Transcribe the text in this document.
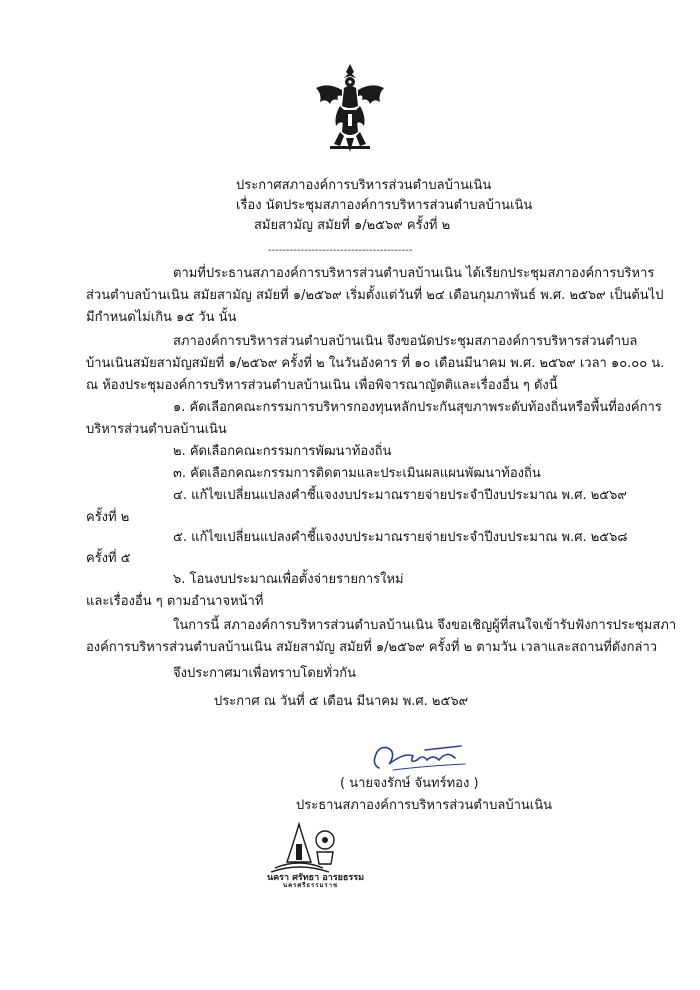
ประกาศสภาองค์การบริหารส่วนตำบลบ้านเนิน
เรื่อง นัดประชุมสภาองค์การบริหารส่วนตำบลบ้านเนิน
สมัยสามัญ สมัยที่ ๑/๒๕๖๙ ครั้งที่ ๒
----------------------------------------
ตามที่ประธานสภาองค์การบริหารส่วนตำบลบ้านเนิน ได้เรียกประชุมสภาองค์การบริหาร
ส่วนตำบลบ้านเนิน สมัยสามัญ สมัยที่ ๑/๒๕๖๙ เริ่มตั้งแต่วันที่ ๒๔ เดือนกุมภาพันธ์ พ.ศ. ๒๕๖๙ เป็นต้นไป
มีกำหนดไม่เกิน ๑๕ วัน นั้น
สภาองค์การบริหารส่วนตำบลบ้านเนิน จึงขอนัดประชุมสภาองค์การบริหารส่วนตำบล
บ้านเนินสมัยสามัญสมัยที่ ๑/๒๕๖๙ ครั้งที่ ๒ ในวันอังคาร ที่ ๑๐ เดือนมีนาคม พ.ศ. ๒๕๖๙ เวลา ๑๐.๐๐ น.
ณ ห้องประชุมองค์การบริหารส่วนตำบลบ้านเนิน เพื่อพิจารณาญัตติและเรื่องอื่น ๆ ดังนี้
๑. คัดเลือกคณะกรรมการบริหารกองทุนหลักประกันสุขภาพระดับท้องถิ่นหรือพื้นที่องค์การ
บริหารส่วนตำบลบ้านเนิน
๒. คัดเลือกคณะกรรมการพัฒนาท้องถิ่น
๓. คัดเลือกคณะกรรมการติดตามและประเมินผลแผนพัฒนาท้องถิ่น
๔. แก้ไขเปลี่ยนแปลงคำชี้แจงงบประมาณรายจ่ายประจำปีงบประมาณ พ.ศ. ๒๕๖๙
ครั้งที่ ๒
๕. แก้ไขเปลี่ยนแปลงคำชี้แจงงบประมาณรายจ่ายประจำปีงบประมาณ พ.ศ. ๒๕๖๘
ครั้งที่ ๕
๖. โอนงบประมาณเพื่อตั้งจ่ายรายการใหม่
และเรื่องอื่น ๆ ตามอำนาจหน้าที่
ในการนี้ สภาองค์การบริหารส่วนตำบลบ้านเนิน จึงขอเชิญผู้ที่สนใจเข้ารับฟังการประชุมสภา
องค์การบริหารส่วนตำบลบ้านเนิน สมัยสามัญ สมัยที่ ๑/๒๕๖๙ ครั้งที่ ๒ ตามวัน เวลาและสถานที่ดังกล่าว
จึงประกาศมาเพื่อทราบโดยทั่วกัน
ประกาศ ณ วันที่ ๕ เดือน มีนาคม พ.ศ. ๒๕๖๙
( นายจงรักษ์ จันทร์ทอง )
ประธานสภาองค์การบริหารส่วนตำบลบ้านเนิน
นครา ศรัทธา อารยธรรม
นครศรีธรรมราช
